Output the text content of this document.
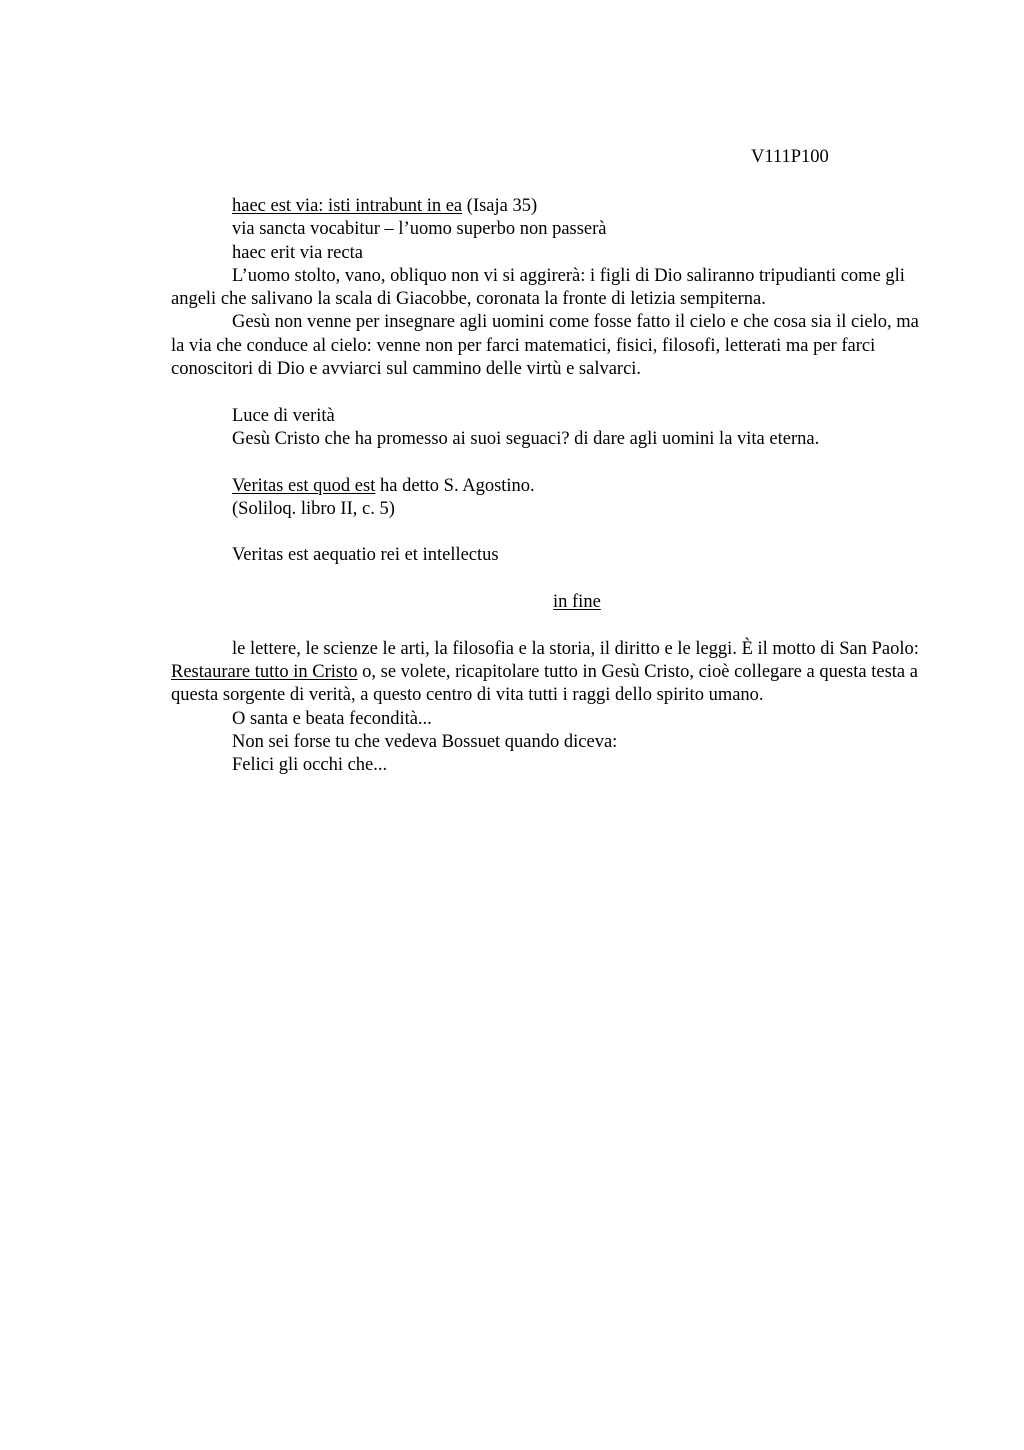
V111P100

haec est via: isti intrabunt in ea (Isaja 35)

via sancta vocabitur – l’uomo superbo non passerà

haec erit via recta

L’uomo stolto, vano, obliquo non vi si aggirerà: i figli di Dio saliranno tripudianti come gli angeli che salivano la scala di Giacobbe, coronata la fronte di letizia sempiterna.

Gesù non venne per insegnare agli uomini come fosse fatto il cielo e che cosa sia il cielo, ma la via che conduce al cielo: venne non per farci matematici, fisici, filosofi, letterati ma per farci conoscitori di Dio e avviarci sul cammino delle virtù e salvarci.

Luce di verità

Gesù Cristo che ha promesso ai suoi seguaci? di dare agli uomini la vita eterna.

Veritas est quod est ha detto S. Agostino.

(Soliloq. libro II, c. 5)

Veritas est aequatio rei et intellectus

in fine

le lettere, le scienze le arti, la filosofia e la storia, il diritto e le leggi. È il motto di San Paolo: Restaurare tutto in Cristo o, se volete, ricapitolare tutto in Gesù Cristo, cioè collegare a questa testa a questa sorgente di verità, a questo centro di vita tutti i raggi dello spirito umano.

O santa e beata fecondità...

Non sei forse tu che vedeva Bossuet quando diceva:

Felici gli occhi che...
